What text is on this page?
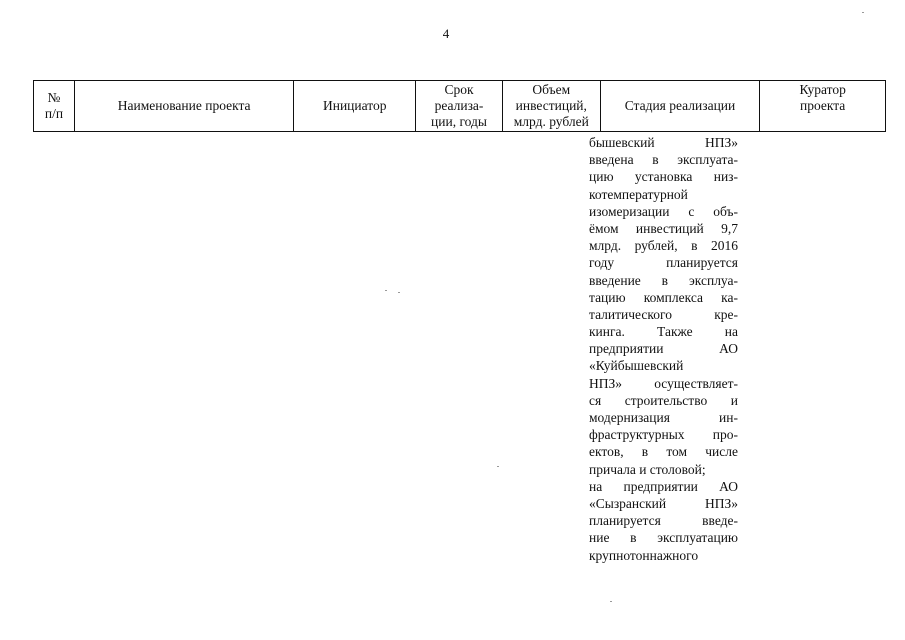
4
№
п/п
Наименование проекта	Инициатор
Срок
реализа-
ции, годы
Объем
инвестиций,
млрд. рублей
Стадия реализации
Куратор
проекта
бышевский НПЗ»
введена в эксплуата-
цию установка низ-
котемпературной
изомеризации с объ-
ёмом инвестиций 9,7
млрд. рублей, в 2016
году планируется
введение в эксплуа-
тацию комплекса ка-
талитического кре-
кинга. Также на
предприятии АО
«Куйбышевский
НПЗ» осуществляет-
ся строительство и
модернизация ин-
фраструктурных про-
ектов, в том числе
причала и столовой;
на предприятии АО
«Сызранский НПЗ»
планируется введе-
ние в эксплуатацию
крупнотоннажного
